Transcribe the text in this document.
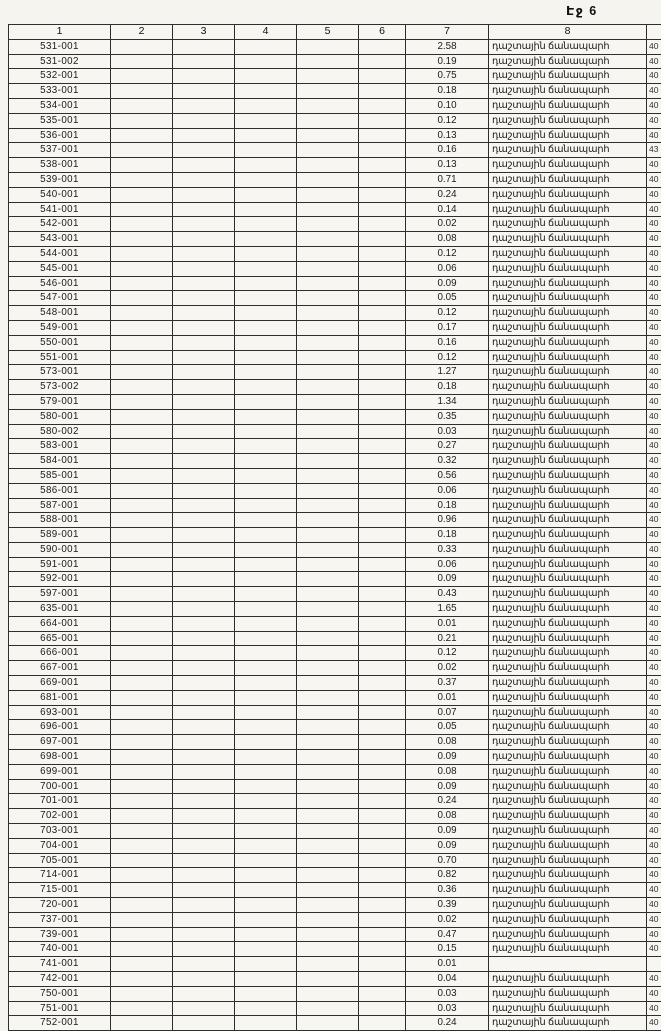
Էջ 6
1	2	3	4	5	6	7	8
531-001	2.58	դաշտային ճանապարհ	40
531-002	0.19	դաշտային ճանապարհ	40
532-001	0.75	դաշտային ճանապարհ	40
533-001	0.18	դաշտային ճանապարհ	40
534-001	0.10	դաշտային ճանապարհ	40
535-001	0.12	դաշտային ճանապարհ	40
536-001	0.13	դաշտային ճանապարհ	40
537-001	0.16	դաշտային ճանապարհ	43
538-001	0.13	դաշտային ճանապարհ	40
539-001	0.71	դաշտային ճանապարհ	40
540-001	0.24	դաշտային ճանապարհ	40
541-001	0.14	դաշտային ճանապարհ	40
542-001	0.02	դաշտային ճանապարհ	40
543-001	0.08	դաշտային ճանապարհ	40
544-001	0.12	դաշտային ճանապարհ	40
545-001	0.06	դաշտային ճանապարհ	40
546-001	0.09	դաշտային ճանապարհ	40
547-001	0.05	դաշտային ճանապարհ	40
548-001	0.12	դաշտային ճանապարհ	40
549-001	0.17	դաշտային ճանապարհ	40
550-001	0.16	դաշտային ճանապարհ	40
551-001	0.12	դաշտային ճանապարհ	40
573-001	1.27	դաշտային ճանապարհ	40
573-002	0.18	դաշտային ճանապարհ	40
579-001	1.34	դաշտային ճանապարհ	40
580-001	0.35	դաշտային ճանապարհ	40
580-002	0.03	դաշտային ճանապարհ	40
583-001	0.27	դաշտային ճանապարհ	40
584-001	0.32	դաշտային ճանապարհ	40
585-001	0.56	դաշտային ճանապարհ	40
586-001	0.06	դաշտային ճանապարհ	40
587-001	0.18	դաշտային ճանապարհ	40
588-001	0.96	դաշտային ճանապարհ	40
589-001	0.18	դաշտային ճանապարհ	40
590-001	0.33	դաշտային ճանապարհ	40
591-001	0.06	դաշտային ճանապարհ	40
592-001	0.09	դաշտային ճանապարհ	40
597-001	0.43	դաշտային ճանապարհ	40
635-001	1.65	դաշտային ճանապարհ	40
664-001	0.01	դաշտային ճանապարհ	40
665-001	0.21	դաշտային ճանապարհ	40
666-001	0.12	դաշտային ճանապարհ	40
667-001	0.02	դաշտային ճանապարհ	40
669-001	0.37	դաշտային ճանապարհ	40
681-001	0.01	դաշտային ճանապարհ	40
693-001	0.07	դաշտային ճանապարհ	40
696-001	0.05	դաշտային ճանապարհ	40
697-001	0.08	դաշտային ճանապարհ	40
698-001	0.09	դաշտային ճանապարհ	40
699-001	0.08	դաշտային ճանապարհ	40
700-001	0.09	դաշտային ճանապարհ	40
701-001	0.24	դաշտային ճանապարհ	40
702-001	0.08	դաշտային ճանապարհ	40
703-001	0.09	դաշտային ճանապարհ	40
704-001	0.09	դաշտային ճանապարհ	40
705-001	0.70	դաշտային ճանապարհ	40
714-001	0.82	դաշտային ճանապարհ	40
715-001	0.36	դաշտային ճանապարհ	40
720-001	0.39	դաշտային ճանապարհ	40
737-001	0.02	դաշտային ճանապարհ	40
739-001	0.47	դաշտային ճանապարհ	40
740-001	0.15	դաշտային ճանապարհ	40
741-001	0.01
742-001	0.04	դաշտային ճանապարհ	40
750-001	0.03	դաշտային ճանապարհ	40
751-001	0.03	դաշտային ճանապարհ	40
752-001	0.24	դաշտային ճանապարհ	40
